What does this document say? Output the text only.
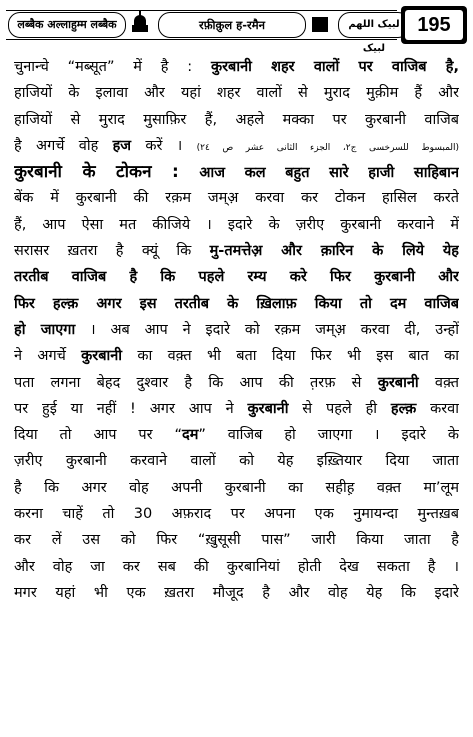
लब्बैक अल्लाहुम्म लब्बैक	रफ़ीक़ुल ह-रमैन	لبیک اللھم لبیک
195
चुनान्चे “मब्सूत” में है : कुरबानी शहर वालों पर वाजिब है,
हाजियों के इलावा और यहां शहर वालों से मुराद मुक़ीम हैं और
हाजियों से मुराद मुसाफ़िर हैं, अहले मक्का पर कुरबानी वाजिब
है अगर्चे वोह हज करें । (المبسوط للسرخسی ج۲، الجزء الثانی عشر ص ۲٤)
कुरबानी के टोकन : आज कल बहुत सारे हाजी साहिबान
बेंक में कुरबानी की रक़म जम्अ़ करवा कर टोकन हासिल करते
हैं, आप ऐसा मत कीजिये । इदारे के ज़रीए कुरबानी करवाने में
सरासर ख़तरा है क्यूं कि मु-तमत्तेअ़ और क़ारिन के लिये येह
तरतीब वाजिब है कि पहले रम्य करे फिर कुरबानी और
फिर हल्क़ अगर इस तरतीब के ख़िलाफ़ किया तो दम वाजिब
हो जाएगा । अब आप ने इदारे को रक़म जम्अ़ करवा दी, उन्हों
ने अगर्चे कुरबानी का वक़्त भी बता दिया फिर भी इस बात का
पता लगना बेहद दुश्वार है कि आप की त़रफ़ से कुरबानी वक़्त
पर हुई या नहीं ! अगर आप ने कुरबानी से पहले ही हल्क़ करवा
दिया तो आप पर “दम” वाजिब हो जाएगा । इदारे के
ज़रीए कुरबानी करवाने वालों को येह इख़्तियार दिया जाता
है कि अगर वोह अपनी कुरबानी का सहीह़ वक़्त मा’लूम
करना चाहें तो 30 अफ़राद पर अपना एक नुमायन्दा मुन्तख़ब
कर लें उस को फिर “ख़ुसूसी पास” जारी किया जाता है
और वोह जा कर सब की कुरबानियां होती देख सकता है ।
मगर यहां भी एक ख़तरा मौजूद है और वोह येह कि इदारे
